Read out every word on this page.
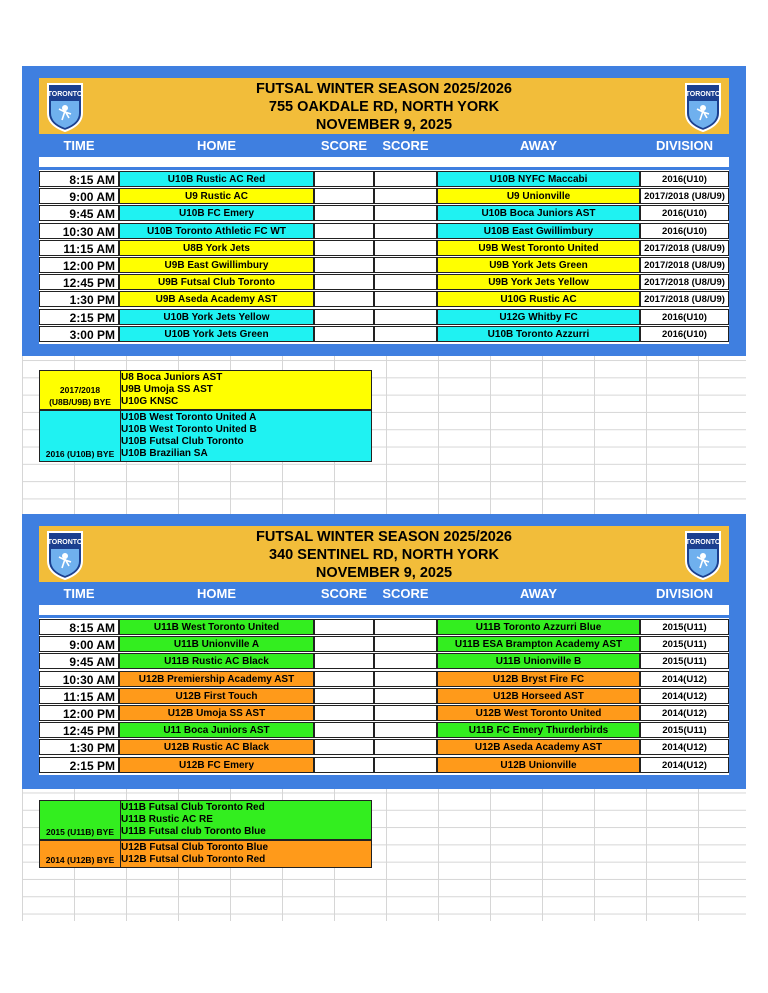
TORONTO	FUTSAL WINTER SEASON 2025/2026
755 OAKDALE RD, NORTH YORK
NOVEMBER 9, 2025
TORONTO
TIME	HOME	SCORE	SCORE	AWAY	DIVISION
8:15 AM	U10B Rustic AC Red	U10B NYFC Maccabi	2016(U10)
9:00 AM	U9 Rustic AC	U9 Unionville	2017/2018 (U8/U9)
9:45 AM	U10B FC Emery	U10B Boca Juniors AST	2016(U10)
10:30 AM	U10B Toronto Athletic FC WT	U10B East Gwillimbury	2016(U10)
11:15 AM	U8B York Jets	U9B West Toronto United	2017/2018 (U8/U9)
12:00 PM	U9B East Gwillimbury	U9B York Jets Green	2017/2018 (U8/U9)
12:45 PM	U9B Futsal Club Toronto	U9B York Jets Yellow	2017/2018 (U8/U9)
1:30 PM	U9B Aseda Academy AST	U10G Rustic AC	2017/2018 (U8/U9)
2:15 PM	U10B York Jets Yellow	U12G Whitby FC	2016(U10)
3:00 PM	U10B York Jets Green	U10B Toronto Azzurri	2016(U10)
TORONTO	FUTSAL WINTER SEASON 2025/2026
340 SENTINEL RD, NORTH YORK
NOVEMBER 9, 2025
TORONTO
TIME	HOME	SCORE	SCORE	AWAY	DIVISION
8:15 AM	U11B West Toronto United	U11B Toronto Azzurri Blue	2015(U11)
9:00 AM	U11B Unionville A	U11B ESA Brampton Academy AST	2015(U11)
9:45 AM	U11B Rustic AC Black	U11B Unionville B	2015(U11)
10:30 AM	U12B Premiership Academy AST	U12B Bryst Fire FC	2014(U12)
11:15 AM	U12B First Touch	U12B Horseed AST	2014(U12)
12:00 PM	U12B Umoja SS AST	U12B West Toronto United	2014(U12)
12:45 PM	U11 Boca Juniors AST	U11B FC Emery Thurderbirds	2015(U11)
1:30 PM	U12B Rustic AC Black	U12B Aseda Academy AST	2014(U12)
2:15 PM	U12B FC Emery	U12B Unionville	2014(U12)
2017/2018 (U8B/U9B) BYE
U8 Boca Juniors AST
U9B Umoja SS AST
U10G KNSC
2016 (U10B) BYE
U10B West Toronto United A
U10B West Toronto United B
U10B Futsal Club Toronto
U10B Brazilian SA
2015 (U11B) BYE
U11B Futsal Club Toronto Red
U11B Rustic AC RE
U11B Futsal club Toronto Blue
2014 (U12B) BYE
U12B Futsal Club Toronto Blue
U12B Futsal Club Toronto Red
